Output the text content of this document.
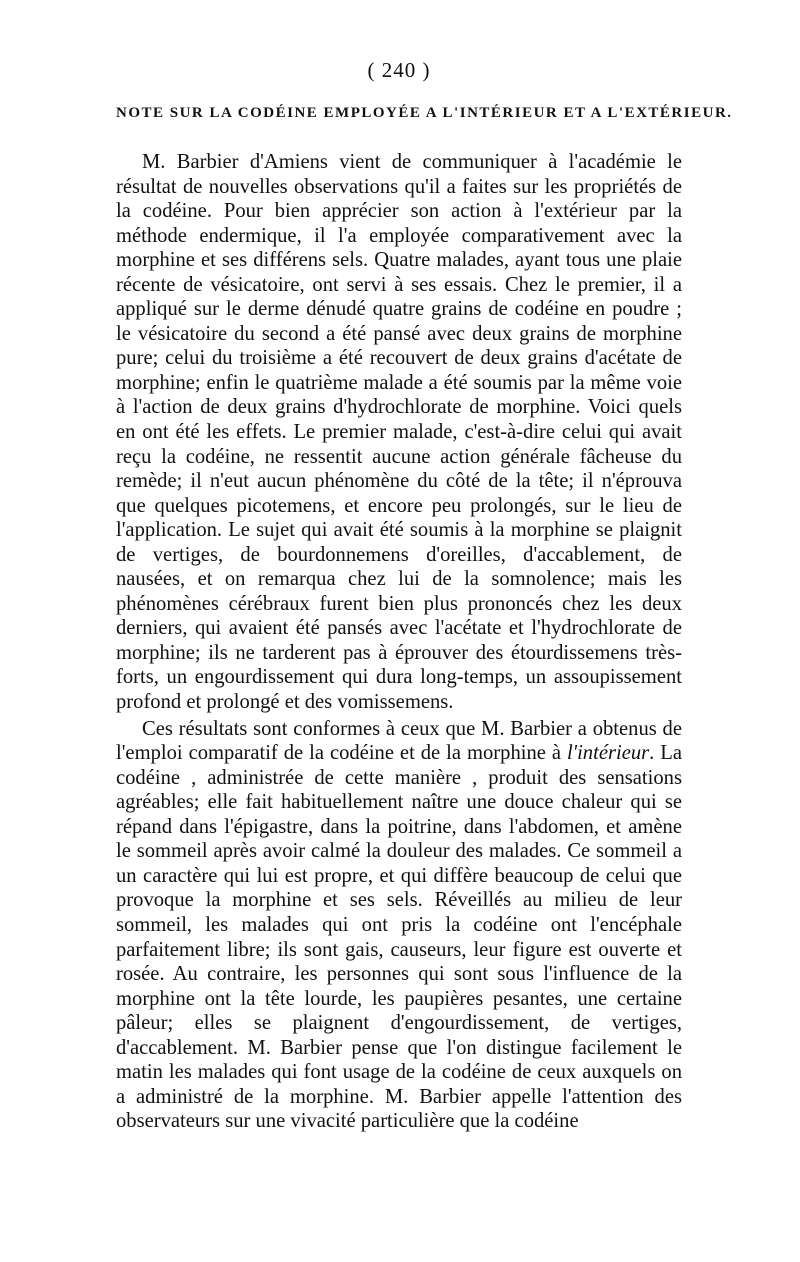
( 240 )
NOTE SUR LA CODÉINE EMPLOYÉE A L'INTÉRIEUR ET A L'EXTÉRIEUR.

M. Barbier d'Amiens vient de communiquer à l'académie le résultat de nouvelles observations qu'il a faites sur les propriétés de la codéine. Pour bien apprécier son action à l'extérieur par la méthode endermique, il l'a employée comparativement avec la morphine et ses différens sels. Quatre malades, ayant tous une plaie récente de vésicatoire, ont servi à ses essais. Chez le premier, il a appliqué sur le derme dénudé quatre grains de codéine en poudre ; le vésicatoire du second a été pansé avec deux grains de morphine pure; celui du troisième a été recouvert de deux grains d'acétate de morphine; enfin le quatrième malade a été soumis par la même voie à l'action de deux grains d'hydrochlorate de morphine. Voici quels en ont été les effets. Le premier malade, c'est-à-dire celui qui avait reçu la codéine, ne ressentit aucune action générale fâcheuse du remède; il n'eut aucun phénomène du côté de la tête; il n'éprouva que quelques picotemens, et encore peu prolongés, sur le lieu de l'application. Le sujet qui avait été soumis à la morphine se plaignit de vertiges, de bourdonnemens d'oreilles, d'accablement, de nausées, et on remarqua chez lui de la somnolence; mais les phénomènes cérébraux furent bien plus prononcés chez les deux derniers, qui avaient été pansés avec l'acétate et l'hydrochlorate de morphine; ils ne tarderent pas à éprouver des étourdissemens très-forts, un engourdissement qui dura long-temps, un assoupissement profond et prolongé et des vomissemens.

Ces résultats sont conformes à ceux que M. Barbier a obtenus de l'emploi comparatif de la codéine et de la morphine à l'intérieur. La codéine , administrée de cette manière , produit des sensations agréables; elle fait habituellement naître une douce chaleur qui se répand dans l'épigastre, dans la poitrine, dans l'abdomen, et amène le sommeil après avoir calmé la douleur des malades. Ce sommeil a un caractère qui lui est propre, et qui diffère beaucoup de celui que provoque la morphine et ses sels. Réveillés au milieu de leur sommeil, les malades qui ont pris la codéine ont l'encéphale parfaitement libre; ils sont gais, causeurs, leur figure est ouverte et rosée. Au contraire, les personnes qui sont sous l'influence de la morphine ont la tête lourde, les paupières pesantes, une certaine pâleur; elles se plaignent d'engourdissement, de vertiges, d'accablement. M. Barbier pense que l'on distingue facilement le matin les malades qui font usage de la codéine de ceux auxquels on a administré de la morphine. M. Barbier appelle l'attention des observateurs sur une vivacité particulière que la codéine
